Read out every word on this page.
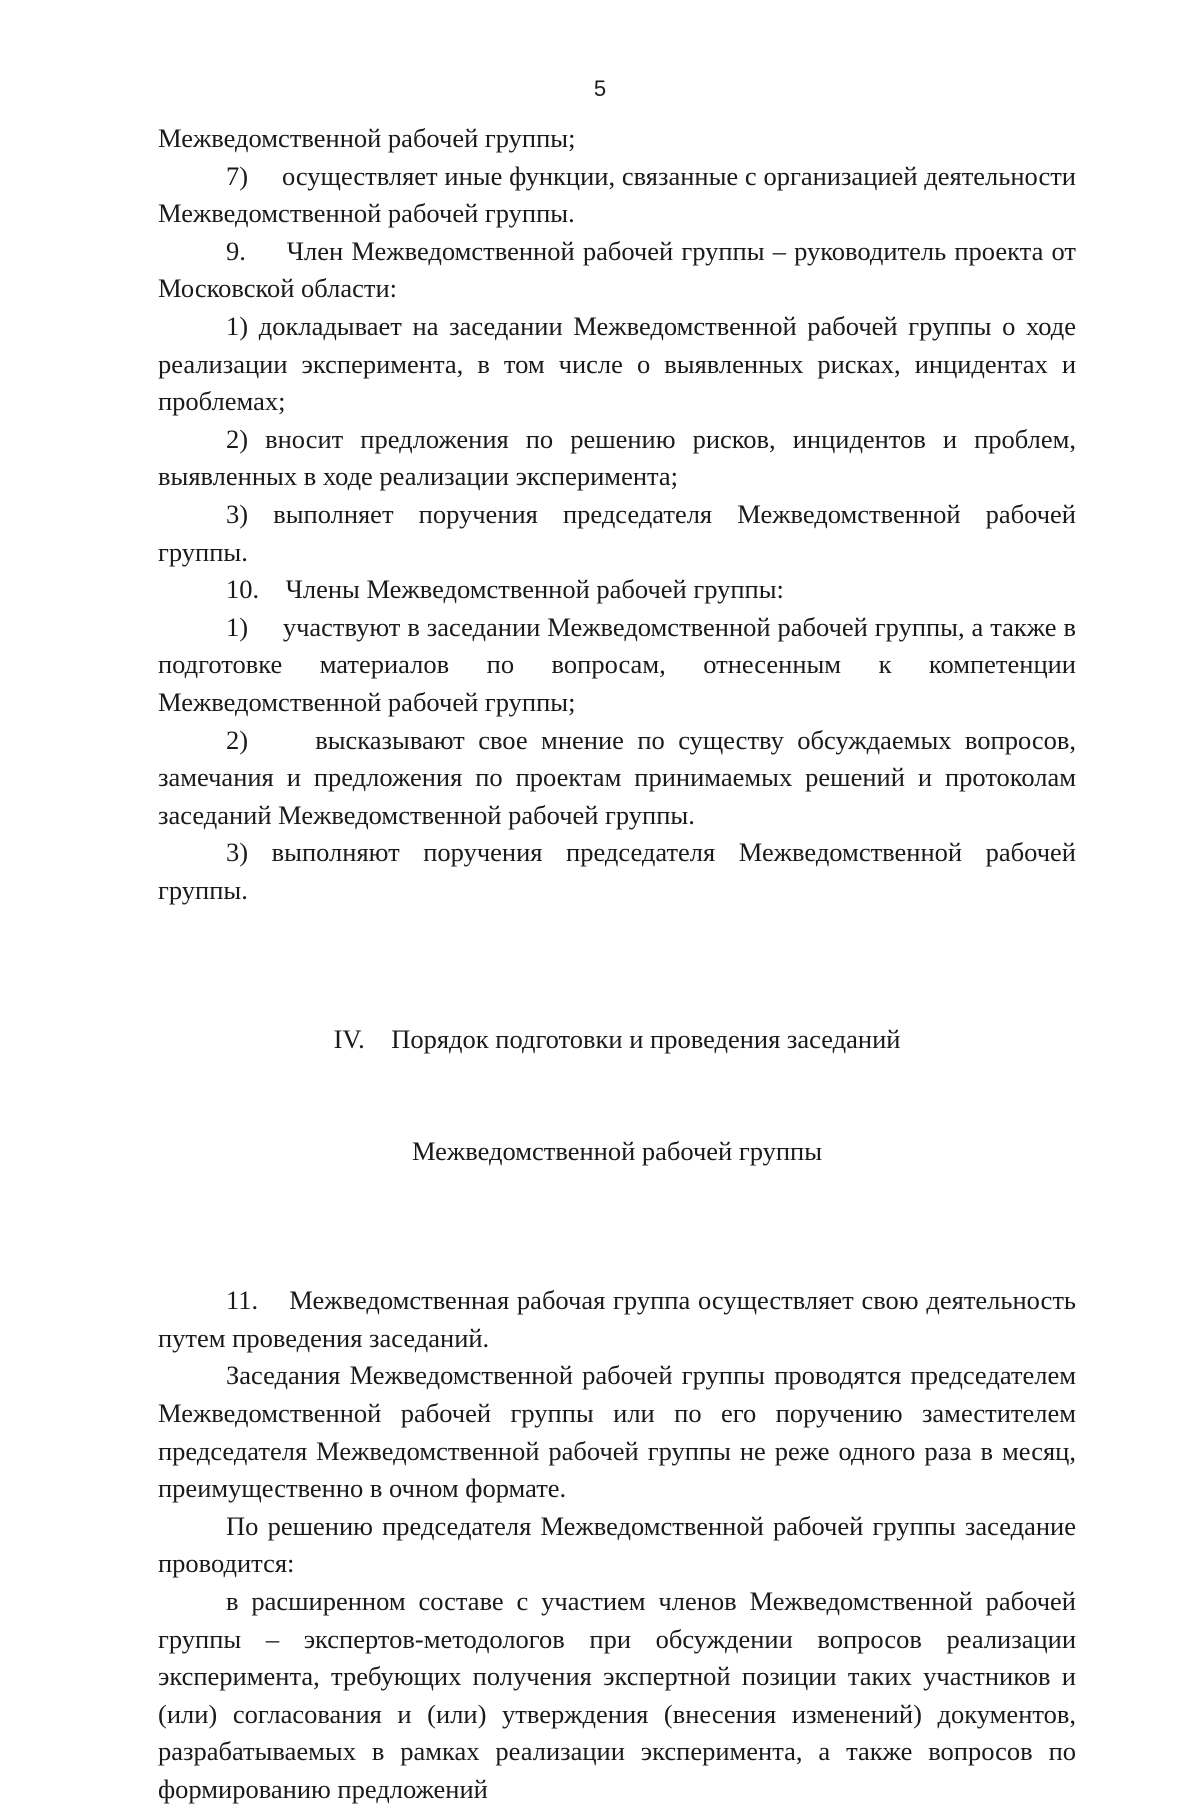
5

Межведомственной рабочей группы;

7)     осуществляет иные функции, связанные с организацией деятельности Межведомственной рабочей группы.

9.     Член Межведомственной рабочей группы – руководитель проекта от Московской области:

1) докладывает на заседании Межведомственной рабочей группы о ходе реализации эксперимента, в том числе о выявленных рисках, инцидентах и проблемах;

2) вносит предложения по решению рисков, инцидентов и проблем, выявленных в ходе реализации эксперимента;

3) выполняет поручения председателя Межведомственной рабочей группы.

10.    Члены Межведомственной рабочей группы:

1)     участвуют в заседании Межведомственной рабочей группы, а также в подготовке материалов по вопросам, отнесенным к компетенции Межведомственной рабочей группы;

2)     высказывают свое мнение по существу обсуждаемых вопросов, замечания и предложения по проектам принимаемых решений и протоколам заседаний Межведомственной рабочей группы.

3) выполняют поручения председателя Межведомственной рабочей группы.

IV.    Порядок подготовки и проведения заседаний

Межведомственной рабочей группы

11.    Межведомственная рабочая группа осуществляет свою деятельность путем проведения заседаний.

Заседания Межведомственной рабочей группы проводятся председателем Межведомственной рабочей группы или по его поручению заместителем председателя Межведомственной рабочей группы не реже одного раза в месяц, преимущественно в очном формате.

По решению председателя Межведомственной рабочей группы заседание проводится:

в расширенном составе с участием членов Межведомственной рабочей группы – экспертов-методологов при обсуждении вопросов реализации эксперимента, требующих получения экспертной позиции таких участников и (или) согласования и (или) утверждения (внесения изменений) документов, разрабатываемых в рамках реализации эксперимента, а также вопросов по формированию предложений
